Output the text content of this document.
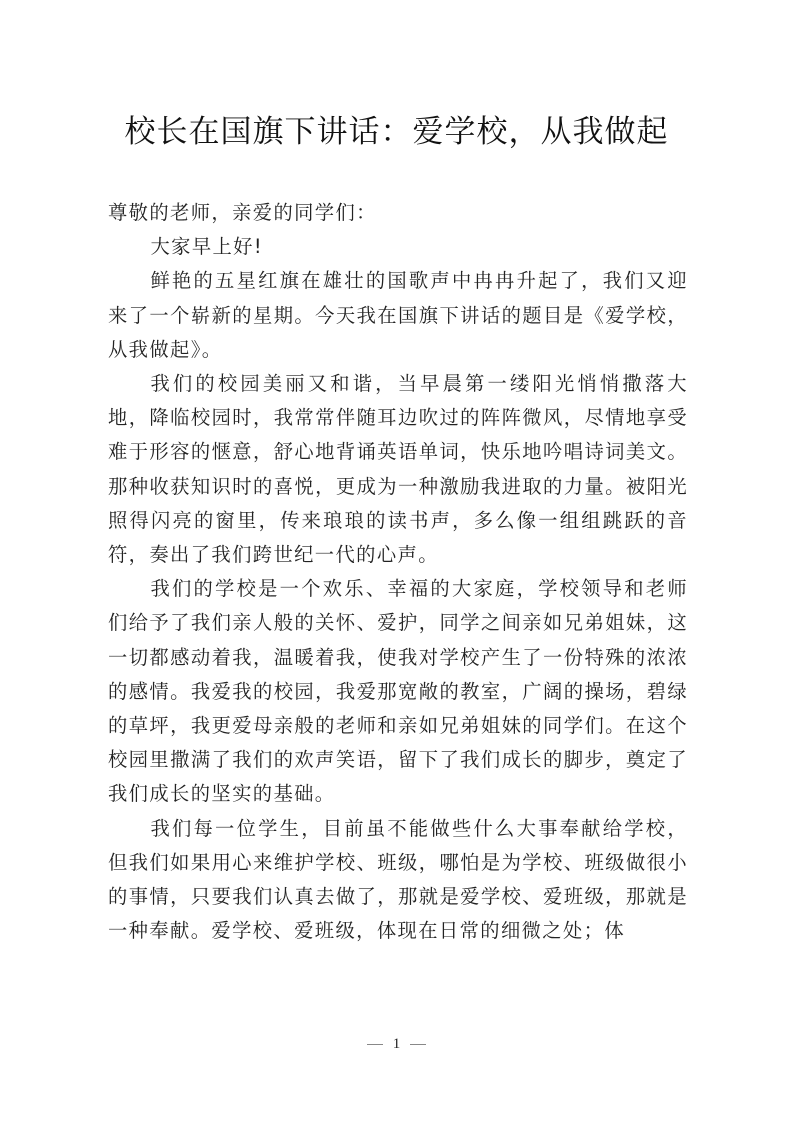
校长在国旗下讲话：爱学校，从我做起

尊敬的老师，亲爱的同学们：

大家早上好!

鲜艳的五星红旗在雄壮的国歌声中冉冉升起了，我们又迎来了一个崭新的星期。今天我在国旗下讲话的题目是《爱学校，从我做起》。

我们的校园美丽又和谐，当早晨第一缕阳光悄悄撒落大地，降临校园时，我常常伴随耳边吹过的阵阵微风，尽情地享受难于形容的惬意，舒心地背诵英语单词，快乐地吟唱诗词美文。那种收获知识时的喜悦，更成为一种激励我进取的力量。被阳光照得闪亮的窗里，传来琅琅的读书声，多么像一组组跳跃的音符，奏出了我们跨世纪一代的心声。

我们的学校是一个欢乐、幸福的大家庭，学校领导和老师们给予了我们亲人般的关怀、爱护，同学之间亲如兄弟姐妹，这一切都感动着我，温暖着我，使我对学校产生了一份特殊的浓浓的感情。我爱我的校园，我爱那宽敞的教室，广阔的操场，碧绿的草坪，我更爱母亲般的老师和亲如兄弟姐妹的同学们。在这个校园里撒满了我们的欢声笑语，留下了我们成长的脚步，奠定了我们成长的坚实的基础。

我们每一位学生，目前虽不能做些什么大事奉献给学校，但我们如果用心来维护学校、班级，哪怕是为学校、班级做很小的事情，只要我们认真去做了，那就是爱学校、爱班级，那就是一种奉献。爱学校、爱班级，体现在日常的细微之处；体

1
